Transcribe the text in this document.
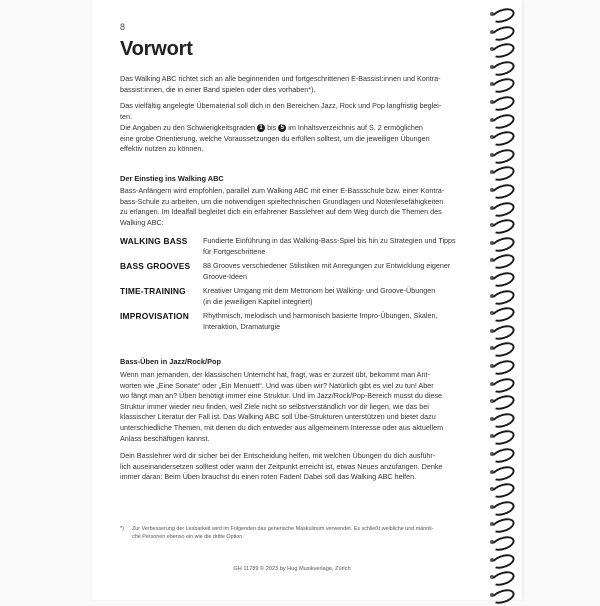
8
Vorwort
Das Walking ABC richtet sich an alle beginnenden und fortgeschrittenen E-Bassist:innen und Kontra-
bassist:innen, die in einer Band spielen oder dies vorhaben*).
Das vielfältig angelegte Übematerial soll dich in den Bereichen Jazz, Rock und Pop langfristig beglei-
ten.
Die Angaben zu den Schwierigkeitsgraden 1 bis 5 im Inhaltsverzeichnis auf S. 2 ermöglichen
eine grobe Orientierung, welche Voraussetzungen du erfüllen solltest, um die jeweiligen Übungen
effektiv nutzen zu können.
Der Einstieg ins Walking ABC
Bass-Anfängern wird empfohlen, parallel zum Walking ABC mit einer E-Bassschule bzw. einer Kontra-
bass-Schule zu arbeiten, um die notwendigen spieltechnischen Grundlagen und Notenlesefähigkeiten
zu erlangen. Im Idealfall begleitet dich ein erfahrener Basslehrer auf dem Weg durch die Themen des
Walking ABC:
WALKING BASS Fundierte Einführung in das Walking-Bass-Spiel bis hin zu Strategien und Tipps
für Fortgeschrittene
BASS GROOVES 88 Grooves verschiedener Stilistiken mit Anregungen zur Entwicklung eigener
Groove-Ideen
TIME-TRAINING Kreativer Umgang mit dem Metronom bei Walking- und Groove-Übungen
(in die jeweiligen Kapitel integriert)
IMPROVISATION Rhythmisch, melodisch und harmonisch basierte Impro-Übungen, Skalen,
Interaktion, Dramaturgie
Bass-Üben in Jazz/Rock/Pop
Wenn man jemanden, der klassischen Unterricht hat, fragt, was er zurzeit übt, bekommt man Ant-
worten wie „Eine Sonate“ oder „Ein Menuett“. Und was üben wir? Natürlich gibt es viel zu tun! Aber
wo fängt man an? Üben benötigt immer eine Struktur. Und im Jazz/Rock/Pop-Bereich musst du diese
Struktur immer wieder neu finden, weil Ziele nicht so selbstverständlich vor dir liegen, wie das bei
klassischer Literatur der Fall ist. Das Walking ABC soll Übe-Strukturen unterstützen und bietet dazu
unterschiedliche Themen, mit denen du dich entweder aus allgemeinem Interesse oder aus aktuellem
Anlass beschäftigen kannst.
Dein Basslehrer wird dir sicher bei der Entscheidung helfen, mit welchen Übungen du dich ausführ-
lich auseinandersetzen solltest oder wann der Zeitpunkt erreicht ist, etwas Neues anzufangen. Denke
immer daran: Beim Üben brauchst du einen roten Faden! Dabei soll das Walking ABC helfen.
*) Zur Verbesserung der Lesbarkeit wird im Folgenden das generische Maskulinum verwendet. Es schließt weibliche und männli-
che Personen ebenso ein wie die dritte Option.
GH 11789 © 2023 by Hug Musikverlage, Zürich
